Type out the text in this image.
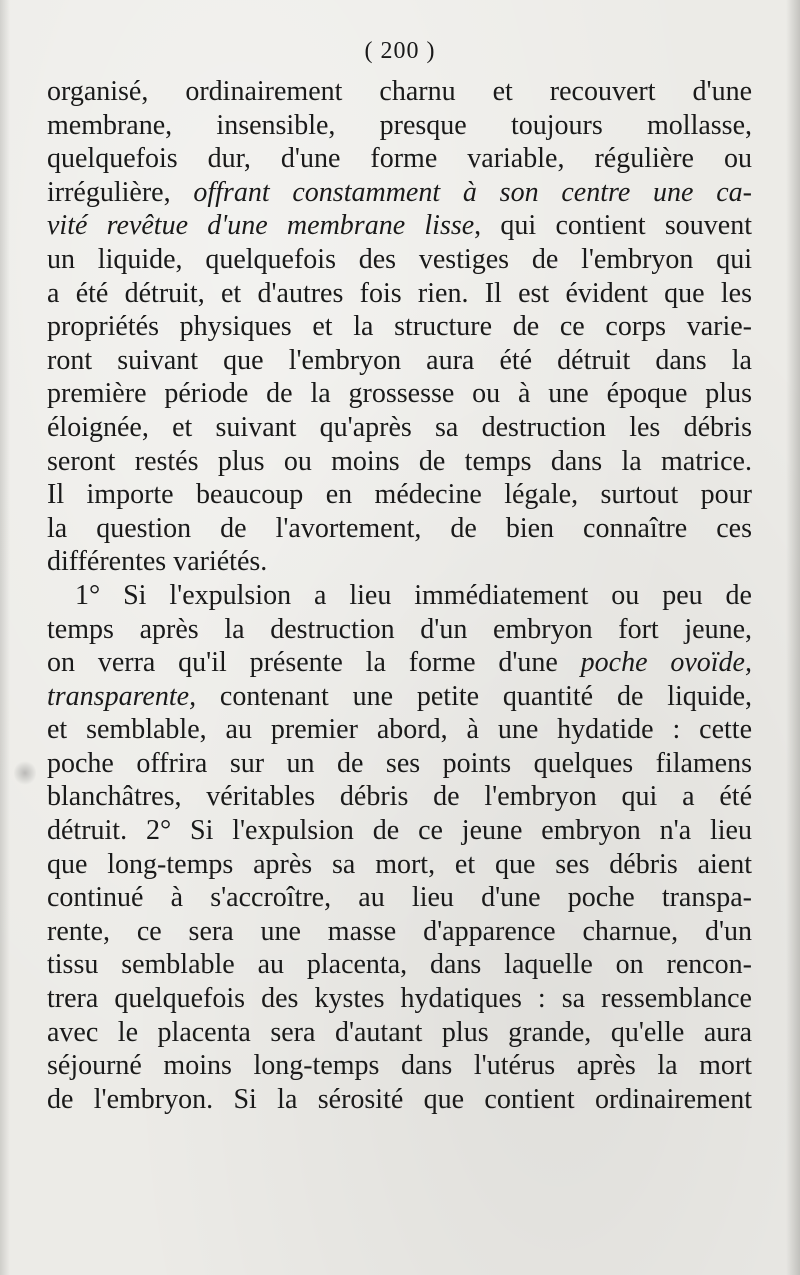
( 200 )
organisé, ordinairement charnu et recouvert d'une
membrane, insensible, presque toujours mollasse,
quelquefois dur, d'une forme variable, régulière ou
irrégulière, offrant constamment à son centre une ca-
vité revêtue d'une membrane lisse, qui contient souvent
un liquide, quelquefois des vestiges de l'embryon qui
a été détruit, et d'autres fois rien. Il est évident que les
propriétés physiques et la structure de ce corps varie-
ront suivant que l'embryon aura été détruit dans la
première période de la grossesse ou à une époque plus
éloignée, et suivant qu'après sa destruction les débris
seront restés plus ou moins de temps dans la matrice.
Il importe beaucoup en médecine légale, surtout pour
la question de l'avortement, de bien connaître ces
différentes variétés.
1° Si l'expulsion a lieu immédiatement ou peu de
temps après la destruction d'un embryon fort jeune,
on verra qu'il présente la forme d'une poche ovoïde,
transparente, contenant une petite quantité de liquide,
et semblable, au premier abord, à une hydatide : cette
poche offrira sur un de ses points quelques filamens
blanchâtres, véritables débris de l'embryon qui a été
détruit. 2° Si l'expulsion de ce jeune embryon n'a lieu
que long-temps après sa mort, et que ses débris aient
continué à s'accroître, au lieu d'une poche transpa-
rente, ce sera une masse d'apparence charnue, d'un
tissu semblable au placenta, dans laquelle on rencon-
trera quelquefois des kystes hydatiques : sa ressemblance
avec le placenta sera d'autant plus grande, qu'elle aura
séjourné moins long-temps dans l'utérus après la mort
de l'embryon. Si la sérosité que contient ordinairement
